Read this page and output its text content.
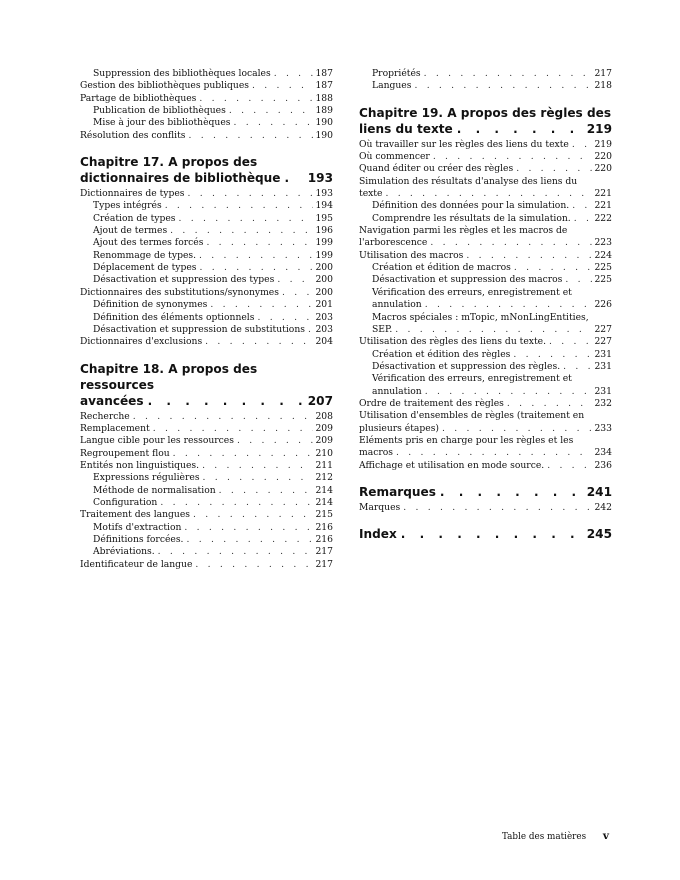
Suppression des bibliothèques locales . . .	187
Gestion des bibliothèques publiques . . .	187
Partage de bibliothèques . . .	188
Publication de bibliothèques . . .	189
Mise à jour des bibliothèques . . .	190
Résolution des conflits . . .	190
Chapitre 17. A propos des
dictionnaires de bibliothèque . . . 193
Dictionnaires de types . . .	193
Types intégrés . . .	194
Création de types . . .	195
Ajout de termes . . .	196
Ajout des termes forcés . . .	199
Renommage de types. . . .	199
Déplacement de types . . .	200
Désactivation et suppression des types . . .	200
Dictionnaires des substitutions/synonymes . . .	200
Définition de synonymes . . .	201
Définition des éléments optionnels . . .	203
Désactivation et suppression de substitutions . . . 203
Dictionnaires d'exclusions . . .	204
Chapitre 18. A propos des ressources
avancées . . .	207
Recherche . . .	208
Remplacement . . .	209
Langue cible pour les ressources . . .	209
Regroupement flou . . .	210
Entités non linguistiques. . . .	211
Expressions régulières . . .	212
Méthode de normalisation . . .	214
Configuration . . .	214
Traitement des langues . . .	215
Motifs d'extraction . . .	216
Définitions forcées. . . .	216
Abréviations. . . .	217
Identificateur de langue . . .	217
Propriétés . . .	217
Langues . . .	218
Chapitre 19. A propos des règles des
liens du texte . . .	219
Où travailler sur les règles des liens du texte . . .	219
Où commencer . . .	220
Quand éditer ou créer des règles . . .	220
Simulation des résultats d'analyse des liens du
texte . . .	221
Définition des données pour la simulation. . . .	221
Comprendre les résultats de la simulation. . . .	222
Navigation parmi les règles et les macros de
l'arborescence . . .	223
Utilisation des macros . . .	224
Création et édition de macros . . .	225
Désactivation et suppression des macros . . .	225
Vérification des erreurs, enregistrement et
annulation . . .	226
Macros spéciales : mTopic, mNonLingEntities,
SEP. . . .	227
Utilisation des règles des liens du texte. . . .	227
Création et édition des règles . . .	231
Désactivation et suppression des règles. . . .	231
Vérification des erreurs, enregistrement et
annulation . . .	231
Ordre de traitement des règles . . .	232
Utilisation d'ensembles de règles (traitement en
plusieurs étapes) . . .	233
Eléments pris en charge pour les règles et les
macros . . .	234
Affichage et utilisation en mode source. . . .	236
Remarques . . .	241
Marques . . .	242
Index . . .	245
Table des matières v
